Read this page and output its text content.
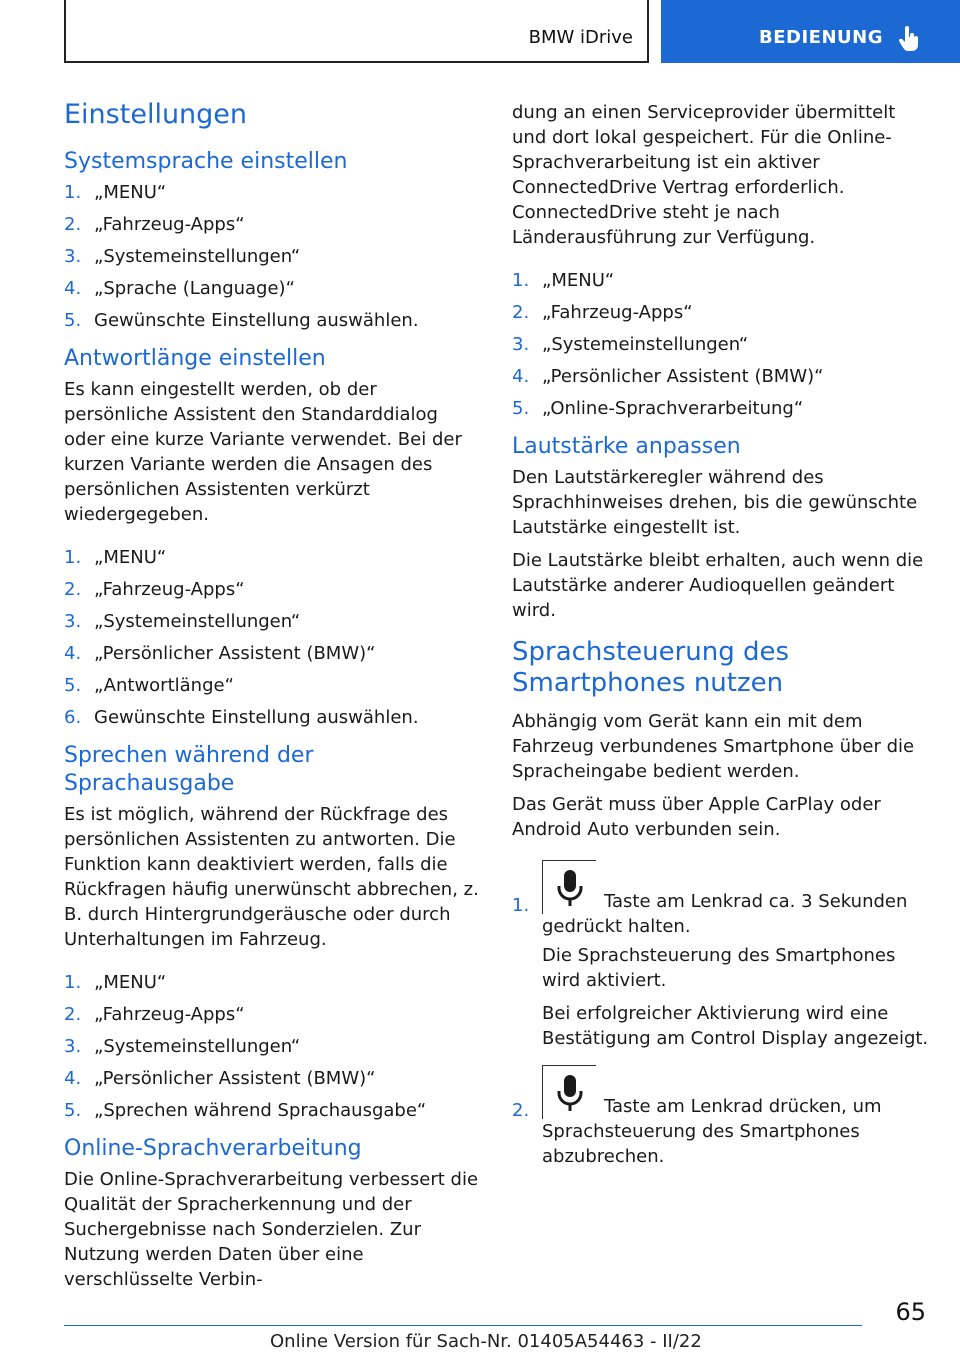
BMW iDrive	BEDIENUNG
Einstellungen
Systemsprache einstellen
1. „MENU“
2. „Fahrzeug-Apps“
3. „Systemeinstellungen“
4. „Sprache (Language)“
5. Gewünschte Einstellung auswählen.
Antwortlänge einstellen

Es kann eingestellt werden, ob der persönliche Assistent den Standarddialog oder eine kurze Variante verwendet. Bei der kurzen Variante werden die Ansagen des persönlichen Assistenten verkürzt wiedergegeben.

1. „MENU“
2. „Fahrzeug-Apps“
3. „Systemeinstellungen“
4. „Persönlicher Assistent (BMW)“
5. „Antwortlänge“
6. Gewünschte Einstellung auswählen.
Sprechen während der Sprachausgabe

Es ist möglich, während der Rückfrage des persönlichen Assistenten zu antworten. Die Funktion kann deaktiviert werden, falls die Rückfragen häufig unerwünscht abbrechen, z. B. durch Hintergrundgeräusche oder durch Unterhaltungen im Fahrzeug.

1. „MENU“
2. „Fahrzeug-Apps“
3. „Systemeinstellungen“
4. „Persönlicher Assistent (BMW)“
5. „Sprechen während Sprachausgabe“
Online-Sprachverarbeitung

Die Online-Sprachverarbeitung verbessert die Qualität der Spracherkennung und der Suchergebnisse nach Sonderzielen. Zur Nutzung werden Daten über eine verschlüsselte Verbin-

dung an einen Serviceprovider übermittelt und dort lokal gespeichert. Für die Online-Sprachverarbeitung ist ein aktiver ConnectedDrive Vertrag erforderlich. ConnectedDrive steht je nach Länderausführung zur Verfügung.

1. „MENU“
2. „Fahrzeug-Apps“
3. „Systemeinstellungen“
4. „Persönlicher Assistent (BMW)“
5. „Online-Sprachverarbeitung“
Lautstärke anpassen

Den Lautstärkeregler während des Sprachhinweises drehen, bis die gewünschte Lautstärke eingestellt ist.

Die Lautstärke bleibt erhalten, auch wenn die Lautstärke anderer Audioquellen geändert wird.

Sprachsteuerung des Smartphones nutzen

Abhängig vom Gerät kann ein mit dem Fahrzeug verbundenes Smartphone über die Spracheingabe bedient werden.

Das Gerät muss über Apple CarPlay oder Android Auto verbunden sein.

1.	Taste am Lenkrad ca. 3 Sekunden gedrückt halten.

Die Sprachsteuerung des Smartphones wird aktiviert.

Bei erfolgreicher Aktivierung wird eine Bestätigung am Control Display angezeigt.

2.	Taste am Lenkrad drücken, um Sprachsteuerung des Smartphones abzubrechen.
65
Online Version für Sach-Nr. 01405A54463 - II/22
